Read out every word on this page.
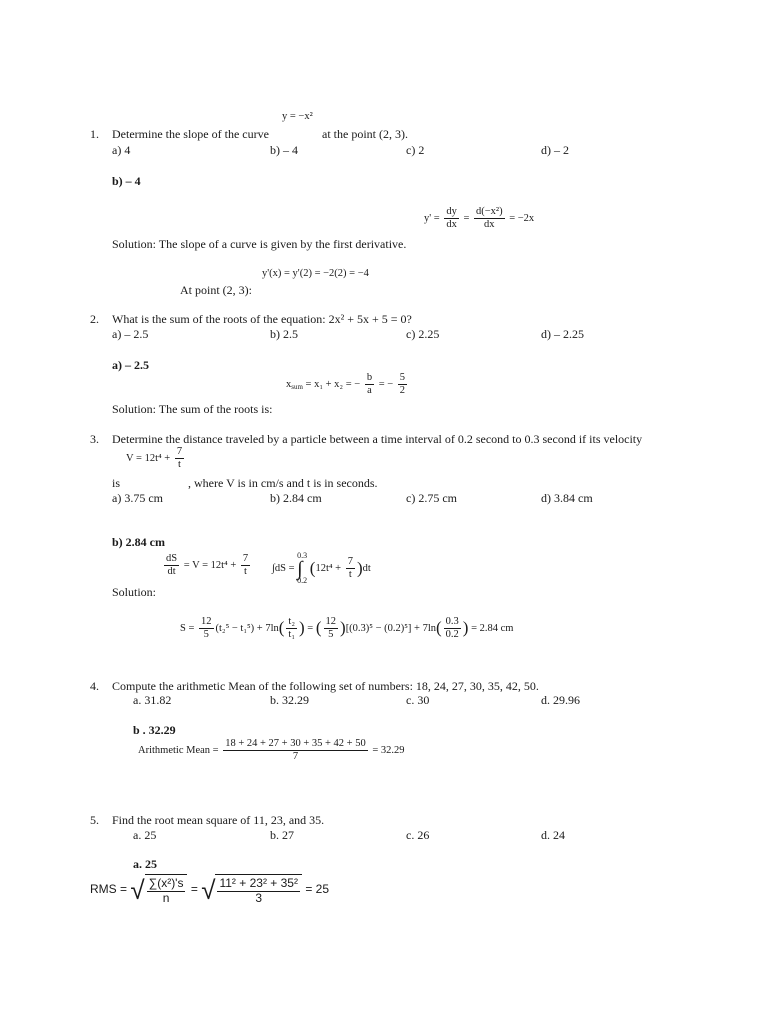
y = −x²
1. Determine the slope of the curve	at the point (2, 3).
a) 4	b) – 4	c) 2	d) – 2
b) – 4
$y' = \frac{dy}{dx} = \frac{\text{d(−x²)}}{dx} = -2x$
Solution: The slope of a curve is given by the first derivative.
y'(x) = y'(2) = −2(2) = −4
At point (2, 3):
2. What is the sum of the roots of the equation: 2x² + 5x + 5 = 0?
a) – 2.5	b) 2.5	c) 2.25	d) – 2.25
a) – 2.5
$x_{sum} = x_1 + x_2$ = − $\frac{b}{a}$ = − $\frac{5}{2}$
Solution: The sum of the roots is:
3. Determine the distance traveled by a particle between a time interval of 0.2 second to 0.3 second if its velocity
$V = 12t^4 + \frac{7}{t}$
is	, where V is in cm/s and t is in seconds.
a) 3.75 cm	b) 2.84 cm	c) 2.75 cm	d) 3.84 cm
b) 2.84 cm
$\frac{dS}{dt} = V = 12t^4 + \frac{7}{t} \int dS$ =
0.3
∫
0.2
$(12t^4 + \frac{7}{t} )dt$
Solution:
$S = \frac{12}{5} (t_2^5 - t_1^5) + 7\ln( \frac{\text{t₂}}{\text{t₁}}$ ) = ( $\frac{12}{5} )[(0.3)^5 - (0.2)^5] + 7\ln( \frac{0.3}{0.2}$ ) = 2.84 cm
4. Compute the arithmetic Mean of the following set of numbers: 18, 24, 27, 30, 35, 42, 50.
a. 31.82	b. 32.29	c. 30	d. 29.96
b . 32.29
Arithmetic Mean = $\frac{18 + 24 + 27 + 30 + 35 + 42 + 50}{7} = 32.29$
5. Find the root mean square of 11, 23, and 35.
a. 25	b. 27	c. 26	d. 24
a. 25
RMS = √ $\frac{\text{∑(x²)'s}}{n}$ = √ $\frac{\text{11² + 23² + 35²}}{3} = 25$
